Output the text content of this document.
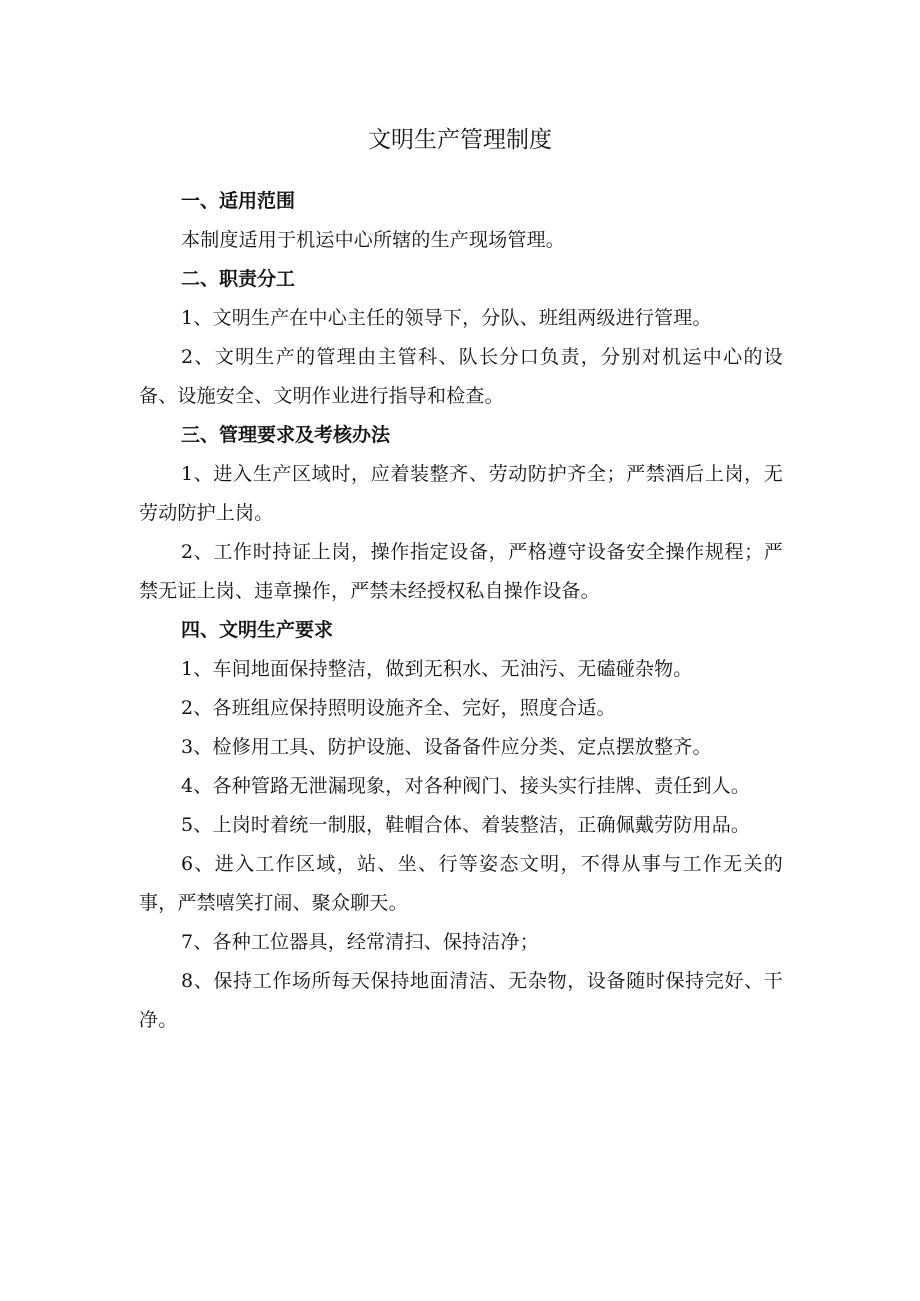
文明生产管理制度
一、适用范围

本制度适用于机运中心所辖的生产现场管理。

二、职责分工

1、文明生产在中心主任的领导下，分队、班组两级进行管理。

2、文明生产的管理由主管科、队长分口负责，分别对机运中心的设备、设施安全、文明作业进行指导和检查。

三、管理要求及考核办法

1、进入生产区域时，应着装整齐、劳动防护齐全；严禁酒后上岗，无劳动防护上岗。

2、工作时持证上岗，操作指定设备，严格遵守设备安全操作规程；严禁无证上岗、违章操作，严禁未经授权私自操作设备。

四、文明生产要求

1、车间地面保持整洁，做到无积水、无油污、无磕碰杂物。

2、各班组应保持照明设施齐全、完好，照度合适。

3、检修用工具、防护设施、设备备件应分类、定点摆放整齐。

4、各种管路无泄漏现象，对各种阀门、接头实行挂牌、责任到人。

5、上岗时着统一制服，鞋帽合体、着装整洁，正确佩戴劳防用品。

6、进入工作区域，站、坐、行等姿态文明，不得从事与工作无关的事，严禁嘻笑打闹、聚众聊天。

7、各种工位器具，经常清扫、保持洁净；

8、保持工作场所每天保持地面清洁、无杂物，设备随时保持完好、干净。
